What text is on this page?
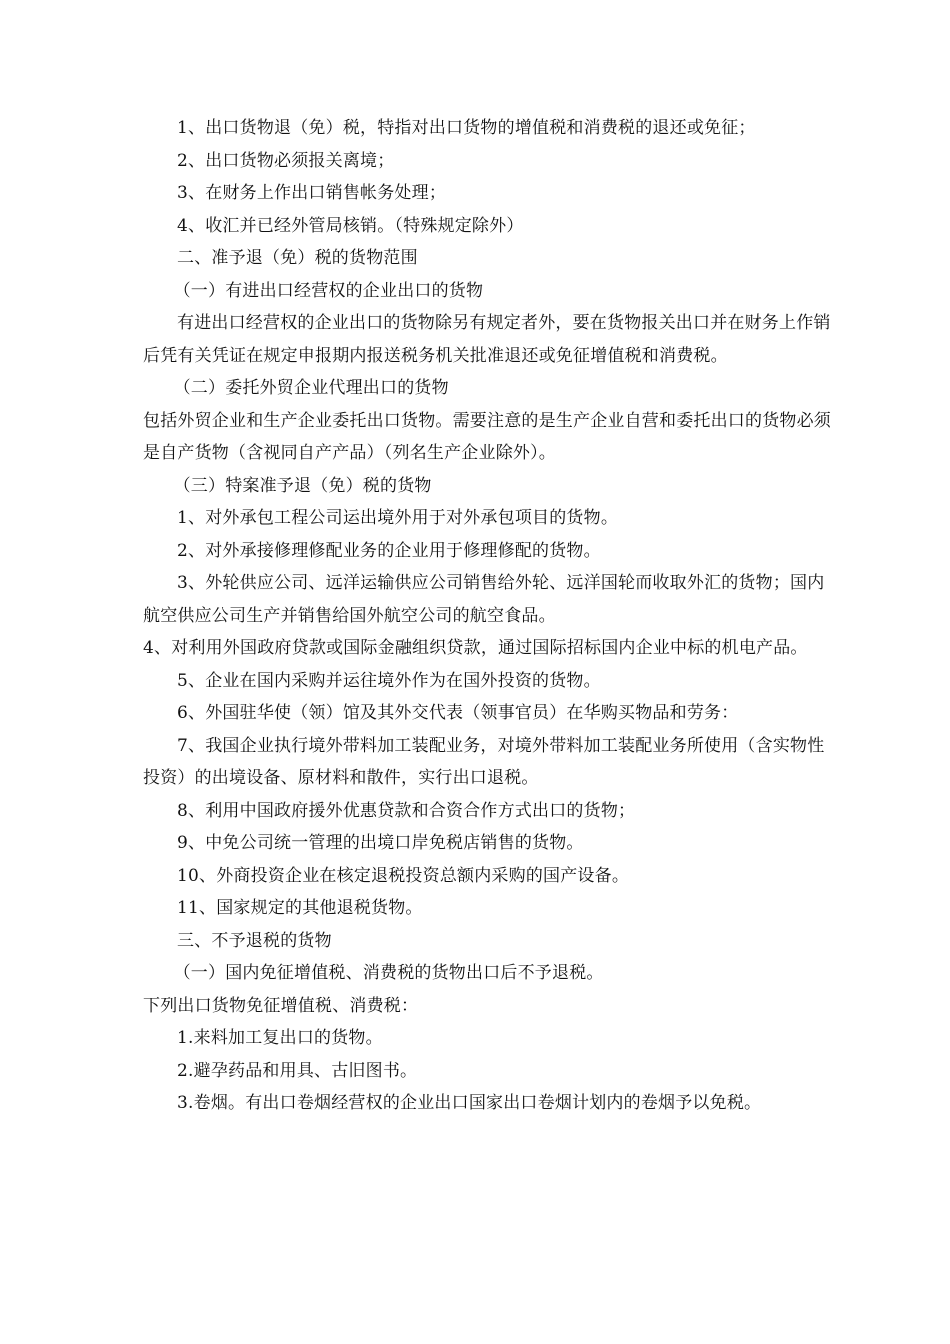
1、出口货物退（免）税，特指对出口货物的增值税和消费税的退还或免征；

2、出口货物必须报关离境；

3、在财务上作出口销售帐务处理；

4、收汇并已经外管局核销。（特殊规定除外）

二、准予退（免）税的货物范围

（一）有进出口经营权的企业出口的货物

有进出口经营权的企业出口的货物除另有规定者外，要在货物报关出口并在财务上作销后凭有关凭证在规定申报期内报送税务机关批准退还或免征增值税和消费税。

（二）委托外贸企业代理出口的货物

包括外贸企业和生产企业委托出口货物。需要注意的是生产企业自营和委托出口的货物必须是自产货物（含视同自产产品）（列名生产企业除外）。

（三）特案准予退（免）税的货物

1、对外承包工程公司运出境外用于对外承包项目的货物。

2、对外承接修理修配业务的企业用于修理修配的货物。

3、外轮供应公司、远洋运输供应公司销售给外轮、远洋国轮而收取外汇的货物；国内航空供应公司生产并销售给国外航空公司的航空食品。

4、对利用外国政府贷款或国际金融组织贷款，通过国际招标国内企业中标的机电产品。

5、企业在国内采购并运往境外作为在国外投资的货物。

6、外国驻华使（领）馆及其外交代表（领事官员）在华购买物品和劳务：

7、我国企业执行境外带料加工装配业务，对境外带料加工装配业务所使用（含实物性投资）的出境设备、原材料和散件，实行出口退税。

8、利用中国政府援外优惠贷款和合资合作方式出口的货物；

9、中免公司统一管理的出境口岸免税店销售的货物。

10、外商投资企业在核定退税投资总额内采购的国产设备。

11、国家规定的其他退税货物。

三、不予退税的货物

（一）国内免征增值税、消费税的货物出口后不予退税。

下列出口货物免征增值税、消费税：

1.来料加工复出口的货物。

2.避孕药品和用具、古旧图书。

3.卷烟。有出口卷烟经营权的企业出口国家出口卷烟计划内的卷烟予以免税。
